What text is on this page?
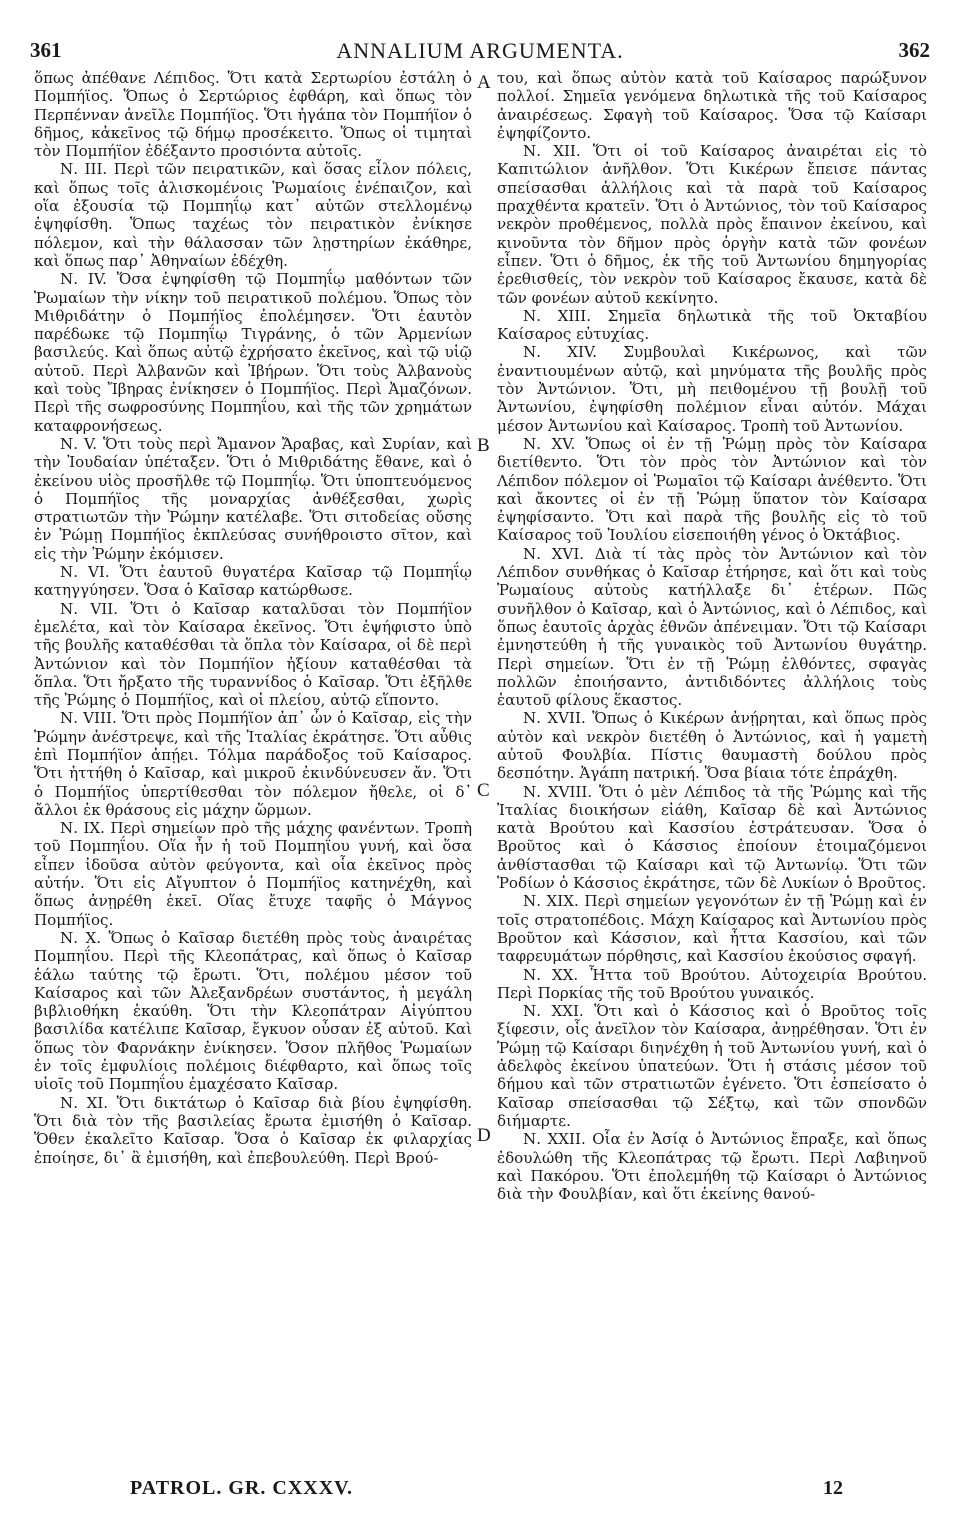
361	ANNALIUM ARGUMENTA.	362

ὅπως ἀπέθανε Λέπιδος. Ὅτι κατὰ Σερτωρίου ἐστάλη ὁ Πομπήϊος. Ὅπως ὁ Σερτώριος ἐφθάρη, καὶ ὅπως τὸν Περπένναν ἀνεῖλε Πομπήϊος. Ὅτι ἠγάπα τὸν Πομπήϊον ὁ δῆμος, κἀκεῖνος τῷ δήμῳ προσέκειτο. Ὅπως οἱ τιμηταὶ τὸν Πομπήϊον ἐδέξαντο προσιόντα αὐτοῖς.

Ν. ΙΙΙ. Περὶ τῶν πειρατικῶν, καὶ ὅσας εἷλον πόλεις, καὶ ὅπως τοῖς ἁλισκομένοις Ῥωμαίοις ἐνέπαιζον, καὶ οἵα ἐξουσία τῷ Πομπηΐῳ κατ᾽ αὐτῶν στελλομένῳ ἐψηφίσθη. Ὅπως ταχέως τὸν πειρατικὸν ἐνίκησε πόλεμον, καὶ τὴν θάλασσαν τῶν λῃστηρίων ἐκάθηρε, καὶ ὅπως παρ᾽ Ἀθηναίων ἐδέχθη.

Ν. IV. Ὅσα ἐψηφίσθη τῷ Πομπηΐῳ μαθόντων τῶν Ῥωμαίων τὴν νίκην τοῦ πειρατικοῦ πολέμου. Ὅπως τὸν Μιθριδάτην ὁ Πομπήϊος ἐπολέμησεν. Ὅτι ἑαυτὸν παρέδωκε τῷ Πομπηΐῳ Τιγράνης, ὁ τῶν Ἀρμενίων βασιλεύς. Καὶ ὅπως αὐτῷ ἐχρήσατο ἐκεῖνος, καὶ τῷ υἱῷ αὐτοῦ. Περὶ Ἀλβανῶν καὶ Ἰβήρων. Ὅτι τοὺς Ἀλβανοὺς καὶ τοὺς Ἴβηρας ἐνίκησεν ὁ Πομπήϊος. Περὶ Ἀμαζόνων. Περὶ τῆς σωφροσύνης Πομπηΐου, καὶ τῆς τῶν χρημάτων καταφρονήσεως.

Ν. V. Ὅτι τοὺς περὶ Ἄμανον Ἄραβας, καὶ Συρίαν, καὶ τὴν Ἰουδαίαν ὑπέταξεν. Ὅτι ὁ Μιθριδάτης ἔθανε, καὶ ὁ ἐκείνου υἱὸς προσῆλθε τῷ Πομπηΐῳ. Ὅτι ὑποπτευόμενος ὁ Πομπήϊος τῆς μοναρχίας ἀνθέξεσθαι, χωρὶς στρατιωτῶν τὴν Ῥώμην κατέλαβε. Ὅτι σιτοδείας οὔσης ἐν Ῥώμῃ Πομπήϊος ἐκπλεύσας συνήθροιστο σῖτον, καὶ εἰς τὴν Ῥώμην ἐκόμισεν.

Ν. VI. Ὅτι ἑαυτοῦ θυγατέρα Καῖσαρ τῷ Πομπηΐῳ κατηγγύησεν. Ὅσα ὁ Καῖσαρ κατώρθωσε.

Ν. VII. Ὅτι ὁ Καῖσαρ καταλῦσαι τὸν Πομπήϊον ἐμελέτα, καὶ τὸν Καίσαρα ἐκεῖνος. Ὅτι ἐψήφιστο ὑπὸ τῆς βουλῆς καταθέσθαι τὰ ὅπλα τὸν Καίσαρα, οἱ δὲ περὶ Ἀντώνιον καὶ τὸν Πομπήϊον ἠξίουν καταθέσθαι τὰ ὅπλα. Ὅτι ἤρξατο τῆς τυραννίδος ὁ Καῖσαρ. Ὅτι ἐξῆλθε τῆς Ῥώμης ὁ Πομπήϊος, καὶ οἱ πλείου, αὐτῷ εἵποντο.

Ν. VIII. Ὅτι πρὸς Πομπήϊον ἀπ᾽ ὧν ὁ Καῖσαρ, εἰς τὴν Ῥώμην ἀνέστρεψε, καὶ τῆς Ἰταλίας ἐκράτησε. Ὅτι αὖθις ἐπὶ Πομπήϊον ἀπῄει. Τόλμα παράδοξος τοῦ Καίσαρος. Ὅτι ἡττήθη ὁ Καῖσαρ, καὶ μικροῦ ἐκινδύνευσεν ἄν. Ὅτι ὁ Πομπήϊος ὑπερτίθεσθαι τὸν πόλεμον ἤθελε, οἱ δ᾽ ἄλλοι ἐκ θράσους εἰς μάχην ὥρμων.

Ν. IX. Περὶ σημείων πρὸ τῆς μάχης φανέντων. Τροπὴ τοῦ Πομπηΐου. Οἵα ἦν ἡ τοῦ Πομπηΐου γυνή, καὶ ὅσα εἶπεν ἰδοῦσα αὐτὸν φεύγοντα, καὶ οἷα ἐκεῖνος πρὸς αὐτήν. Ὅτι εἰς Αἴγυπτον ὁ Πομπήϊος κατηνέχθη, καὶ ὅπως ἀνῃρέθη ἐκεῖ. Οἵας ἔτυχε ταφῆς ὁ Μάγνος Πομπήϊος.

Ν. X. Ὅπως ὁ Καῖσαρ διετέθη πρὸς τοὺς ἀναιρέτας Πομπηΐου. Περὶ τῆς Κλεοπάτρας, καὶ ὅπως ὁ Καῖσαρ ἑάλω ταύτης τῷ ἔρωτι. Ὅτι, πολέμου μέσον τοῦ Καίσαρος καὶ τῶν Ἀλεξανδρέων συστάντος, ἡ μεγάλη βιβλιοθήκη ἐκαύθη. Ὅτι τὴν Κλεοπάτραν Αἰγύπτου βασιλίδα κατέλιπε Καῖσαρ, ἔγκυον οὖσαν ἐξ αὐτοῦ. Καὶ ὅπως τὸν Φαρνάκην ἐνίκησεν. Ὅσον πλῆθος Ῥωμαίων ἐν τοῖς ἐμφυλίοις πολέμοις διέφθαρτο, καὶ ὅπως τοῖς υἱοῖς τοῦ Πομπηΐου ἐμαχέσατο Καῖσαρ.

Ν. XI. Ὅτι δικτάτωρ ὁ Καῖσαρ διὰ βίου ἐψηφίσθη. Ὅτι διὰ τὸν τῆς βασιλείας ἔρωτα ἐμισήθη ὁ Καῖσαρ. Ὅθεν ἐκαλεῖτο Καῖσαρ. Ὅσα ὁ Καῖσαρ ἐκ φιλαρχίας ἐποίησε, δι᾽ ἃ ἐμισήθη, καὶ ἐπεβουλεύθη. Περὶ Βρού-

του, καὶ ὅπως αὐτὸν κατὰ τοῦ Καίσαρος παρώξυνον πολλοί. Σημεῖα γενόμενα δηλωτικὰ τῆς τοῦ Καίσαρος ἀναιρέσεως. Σφαγὴ τοῦ Καίσαρος. Ὅσα τῷ Καίσαρι ἐψηφίζοντο.

Ν. XII. Ὅτι οἱ τοῦ Καίσαρος ἀναιρέται εἰς τὸ Καπιτώλιον ἀνῆλθον. Ὅτι Κικέρων ἔπεισε πάντας σπείσασθαι ἀλλήλοις καὶ τὰ παρὰ τοῦ Καίσαρος πραχθέντα κρατεῖν. Ὅτι ὁ Ἀντώνιος, τὸν τοῦ Καίσαρος νεκρὸν προθέμενος, πολλὰ πρὸς ἔπαινον ἐκείνου, καὶ κινοῦντα τὸν δῆμον πρὸς ὀργὴν κατὰ τῶν φονέων εἶπεν. Ὅτι ὁ δῆμος, ἐκ τῆς τοῦ Ἀντωνίου δημηγορίας ἐρεθισθείς, τὸν νεκρὸν τοῦ Καίσαρος ἔκαυσε, κατὰ δὲ τῶν φονέων αὐτοῦ κεκίνητο.

Ν. XIII. Σημεῖα δηλωτικὰ τῆς τοῦ Ὀκταβίου Καίσαρος εὐτυχίας.

Ν. XIV. Συμβουλαὶ Κικέρωνος, καὶ τῶν ἐναντιουμένων αὐτῷ, καὶ μηνύματα τῆς βουλῆς πρὸς τὸν Ἀντώνιον. Ὅτι, μὴ πειθομένου τῇ βουλῇ τοῦ Ἀντωνίου, ἐψηφίσθη πολέμιον εἶναι αὐτόν. Μάχαι μέσον Ἀντωνίου καὶ Καίσαρος. Τροπὴ τοῦ Ἀντωνίου.

Ν. XV. Ὅπως οἱ ἐν τῇ Ῥώμῃ πρὸς τὸν Καίσαρα διετίθεντο. Ὅτι τὸν πρὸς τὸν Ἀντώνιον καὶ τὸν Λέπιδον πόλεμον οἱ Ῥωμαῖοι τῷ Καίσαρι ἀνέθεντο. Ὅτι καὶ ἄκοντες οἱ ἐν τῇ Ῥώμῃ ὕπατον τὸν Καίσαρα ἐψηφίσαντο. Ὅτι καὶ παρὰ τῆς βουλῆς εἰς τὸ τοῦ Καίσαρος τοῦ Ἰουλίου εἰσεποιήθη γένος ὁ Ὀκτάβιος.

Ν. XVI. Διὰ τί τὰς πρὸς τὸν Ἀντώνιον καὶ τὸν Λέπιδον συνθήκας ὁ Καῖσαρ ἐτήρησε, καὶ ὅτι καὶ τοὺς Ῥωμαίους αὐτοὺς κατήλλαξε δι᾽ ἑτέρων. Πῶς συνῆλθον ὁ Καῖσαρ, καὶ ὁ Ἀντώνιος, καὶ ὁ Λέπιδος, καὶ ὅπως ἑαυτοῖς ἀρχὰς ἐθνῶν ἀπένειμαν. Ὅτι τῷ Καίσαρι ἐμνηστεύθη ἡ τῆς γυναικὸς τοῦ Ἀντωνίου θυγάτηρ. Περὶ σημείων. Ὅτι ἐν τῇ Ῥώμῃ ἐλθόντες, σφαγὰς πολλῶν ἐποιήσαντο, ἀντιδιδόντες ἀλλήλοις τοὺς ἑαυτοῦ φίλους ἕκαστος.

Ν. XVII. Ὅπως ὁ Κικέρων ἀνῄρηται, καὶ ὅπως πρὸς αὐτὸν καὶ νεκρὸν διετέθη ὁ Ἀντώνιος, καὶ ἡ γαμετὴ αὐτοῦ Φουλβία. Πίστις θαυμαστὴ δούλου πρὸς δεσπότην. Ἀγάπη πατρική. Ὅσα βίαια τότε ἐπράχθη.

Ν. XVIII. Ὅτι ὁ μὲν Λέπιδος τὰ τῆς Ῥώμης καὶ τῆς Ἰταλίας διοικήσων εἰάθη, Καῖσαρ δὲ καὶ Ἀντώνιος κατὰ Βρούτου καὶ Κασσίου ἐστράτευσαν. Ὅσα ὁ Βροῦτος καὶ ὁ Κάσσιος ἐποίουν ἑτοιμαζόμενοι ἀνθίστασθαι τῷ Καίσαρι καὶ τῷ Ἀντωνίῳ. Ὅτι τῶν Ῥοδίων ὁ Κάσσιος ἐκράτησε, τῶν δὲ Λυκίων ὁ Βροῦτος.

Ν. XIX. Περὶ σημείων γεγονότων ἐν τῇ Ῥώμῃ καὶ ἐν τοῖς στρατοπέδοις. Μάχη Καίσαρος καὶ Ἀντωνίου πρὸς Βροῦτον καὶ Κάσσιον, καὶ ἧττα Κασσίου, καὶ τῶν ταφρευμάτων πόρθησις, καὶ Κασσίου ἑκούσιος σφαγή.

Ν. XX. Ἧττα τοῦ Βρούτου. Αὐτοχειρία Βρούτου. Περὶ Πορκίας τῆς τοῦ Βρούτου γυναικός.

Ν. XXI. Ὅτι καὶ ὁ Κάσσιος καὶ ὁ Βροῦτος τοῖς ξίφεσιν, οἷς ἀνεῖλον τὸν Καίσαρα, ἀνῃρέθησαν. Ὅτι ἐν Ῥώμῃ τῷ Καίσαρι διηνέχθη ἡ τοῦ Ἀντωνίου γυνή, καὶ ὁ ἀδελφὸς ἐκείνου ὑπατεύων. Ὅτι ἡ στάσις μέσον τοῦ δήμου καὶ τῶν στρατιωτῶν ἐγένετο. Ὅτι ἐσπείσατο ὁ Καῖσαρ σπείσασθαι τῷ Σέξτῳ, καὶ τῶν σπονδῶν διήμαρτε.

Ν. XXII. Οἷα ἐν Ἀσίᾳ ὁ Ἀντώνιος ἔπραξε, καὶ ὅπως ἐδουλώθη τῆς Κλεοπάτρας τῷ ἔρωτι. Περὶ Λαβιηνοῦ καὶ Πακόρου. Ὅτι ἐπολεμήθη τῷ Καίσαρι ὁ Ἀντώνιος διὰ τὴν Φουλβίαν, καὶ ὅτι ἐκείνης θανού-

A
B
C
D
PATROL. GR. CXXXV.	12
